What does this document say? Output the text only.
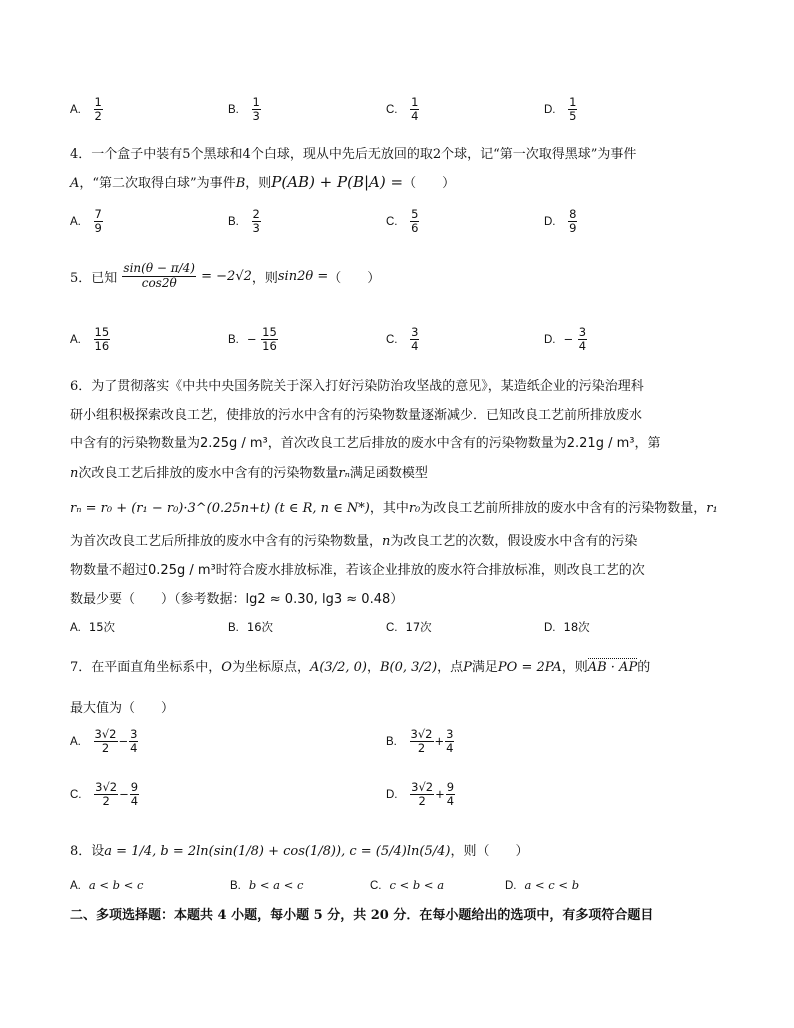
A. $\frac{1}{2}$	B. $\frac{1}{3}$	C. $\frac{1}{4}$	D. $\frac{1}{5}$
4．一个盒子中装有5个黑球和4个白球，现从中先后无放回的取2个球，记“第一次取得黑球”为事件
A，“第二次取得白球”为事件B，则P(AB) + P(B|A) =（　　）
A. $\frac{7}{9}$	B. $\frac{2}{3}$	C. $\frac{5}{6}$	D. $\frac{8}{9}$
5．已知 $\frac{\sin(\theta - \pi/4)}{\cos 2\theta} = -2√2$，则sin2θ =（　　）
A. $\frac{15}{16}$	B. − $\frac{15}{16}$	C. $\frac{3}{4}$	D. − $\frac{3}{4}$
6．为了贯彻落实《中共中央国务院关于深入打好污染防治攻坚战的意见》，某造纸企业的污染治理科
研小组积极探索改良工艺，使排放的污水中含有的污染物数量逐渐减少．已知改良工艺前所排放废水
中含有的污染物数量为2.25g / m³，首次改良工艺后排放的废水中含有的污染物数量为2.21g / m³，第
n次改良工艺后排放的废水中含有的污染物数量rₙ满足函数模型
rₙ = r₀ + (r₁ − r₀)·3^(0.25n+t) (t ∈ R, n ∈ N*)，其中r₀为改良工艺前所排放的废水中含有的污染物数量，r₁
为首次改良工艺后所排放的废水中含有的污染物数量，n为改良工艺的次数，假设废水中含有的污染
物数量不超过0.25g / m³时符合废水排放标准，若该企业排放的废水符合排放标准，则改良工艺的次
数最少要（　　）（参考数据：lg2 ≈ 0.30, lg3 ≈ 0.48）
A. 15次	B. 16次	C. 17次	D. 18次
7．在平面直角坐标系中，O为坐标原点，A(3/2, 0)，B(0, 3/2)，点P满足PO = 2PA，则AB · AP的
最大值为（　　）
A. $\frac{3√2}{2} - \frac{3}{4}$	B. $\frac{3√2}{2} + \frac{3}{4}$
C. $\frac{3√2}{2} - \frac{9}{4}$	D. $\frac{3√2}{2} + \frac{9}{4}$
8．设a = 1/4, b = 2ln(sin(1/8) + cos(1/8)), c = (5/4)ln(5/4)，则（　　）
A. a < b < c	B. b < a < c	C. c < b < a	D. a < c < b
二、多项选择题：本题共 4 小题，每小题 5 分，共 20 分．在每小题给出的选项中，有多项符合题目
